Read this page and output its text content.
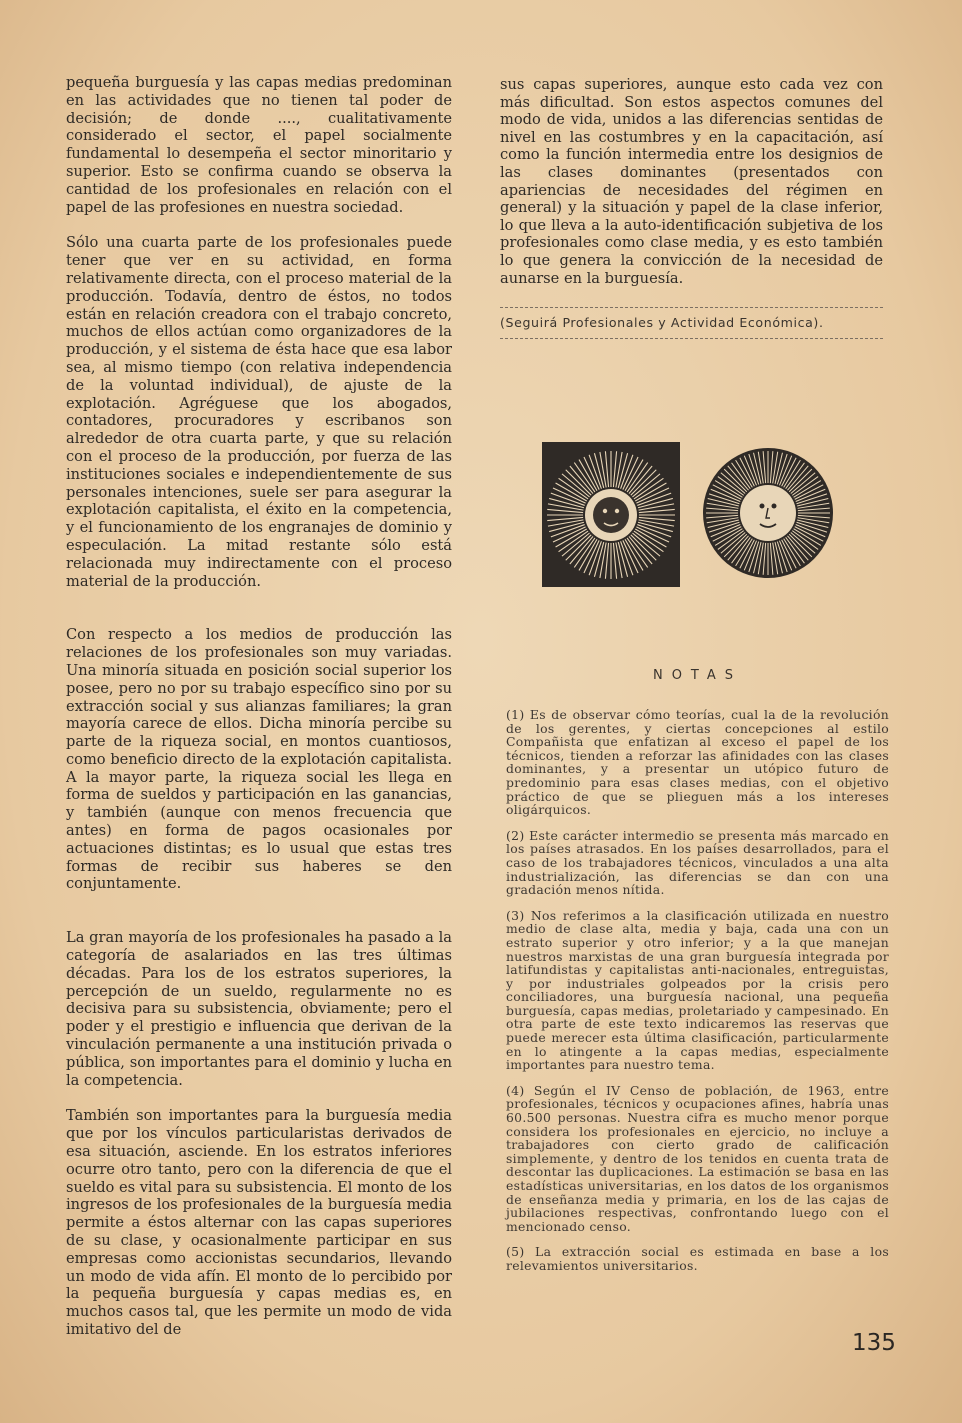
pequeña burguesía y las capas medias predominan en las actividades que no tienen tal poder de decisión; de donde ...., cualitativamente considerado el sector, el papel socialmente fundamental lo desempeña el sector minoritario y superior. Esto se confirma cuando se observa la cantidad de los profesionales en relación con el papel de las profesiones en nuestra sociedad.

Sólo una cuarta parte de los profesionales puede tener que ver en su actividad, en forma relativamente directa, con el proceso material de la producción. Todavía, dentro de éstos, no todos están en relación creadora con el trabajo concreto, muchos de ellos actúan como organizadores de la producción, y el sistema de ésta hace que esa labor sea, al mismo tiempo (con relativa independencia de la voluntad individual), de ajuste de la explotación. Agréguese que los abogados, contadores, procuradores y escribanos son alrededor de otra cuarta parte, y que su relación con el proceso de la producción, por fuerza de las instituciones sociales e independientemente de sus personales intenciones, suele ser para asegurar la explotación capitalista, el éxito en la competencia, y el funcionamiento de los engranajes de dominio y especulación. La mitad restante sólo está relacionada muy indirectamente con el proceso material de la producción.

Con respecto a los medios de producción las relaciones de los profesionales son muy variadas. Una minoría situada en posición social superior los posee, pero no por su trabajo específico sino por su extracción social y sus alianzas familiares; la gran mayoría carece de ellos. Dicha minoría percibe su parte de la riqueza social, en montos cuantiosos, como beneficio directo de la explotación capitalista. A la mayor parte, la riqueza social les llega en forma de sueldos y participación en las ganancias, y también (aunque con menos frecuencia que antes) en forma de pagos ocasionales por actuaciones distintas; es lo usual que estas tres formas de recibir sus haberes se den conjuntamente.

La gran mayoría de los profesionales ha pasado a la categoría de asalariados en las tres últimas décadas. Para los de los estratos superiores, la percepción de un sueldo, regularmente no es decisiva para su subsistencia, obviamente; pero el poder y el prestigio e influencia que derivan de la vinculación permanente a una institución privada o pública, son importantes para el dominio y lucha en la competencia.

También son importantes para la burguesía media que por los vínculos particularistas derivados de esa situación, asciende. En los estratos inferiores ocurre otro tanto, pero con la diferencia de que el sueldo es vital para su subsistencia. El monto de los ingresos de los profesionales de la burguesía media permite a éstos alternar con las capas superiores de su clase, y ocasionalmente participar en sus empresas como accionistas secundarios, llevando un modo de vida afín. El monto de lo percibido por la pequeña burguesía y capas medias es, en muchos casos tal, que les permite un modo de vida imitativo del de

sus capas superiores, aunque esto cada vez con más dificultad. Son estos aspectos comunes del modo de vida, unidos a las diferencias sentidas de nivel en las costumbres y en la capacitación, así como la función intermedia entre los designios de las clases dominantes (presentados con apariencias de necesidades del régimen en general) y la situación y papel de la clase inferior, lo que lleva a la auto-identificación subjetiva de los profesionales como clase media, y es esto también lo que genera la convicción de la necesidad de aunarse en la burguesía.

(Seguirá Profesionales y Actividad Económica).
NOTAS

(1) Es de observar cómo teorías, cual la de la revolución de los gerentes, y ciertas concepciones al estilo Compañista que enfatizan al exceso el papel de los técnicos, tienden a reforzar las afinidades con las clases dominantes, y a presentar un utópico futuro de predominio para esas clases medias, con el objetivo práctico de que se plieguen más a los intereses oligárquicos.

(2) Este carácter intermedio se presenta más marcado en los países atrasados. En los países desarrollados, para el caso de los trabajadores técnicos, vinculados a una alta industrialización, las diferencias se dan con una gradación menos nítida.

(3) Nos referimos a la clasificación utilizada en nuestro medio de clase alta, media y baja, cada una con un estrato superior y otro inferior; y a la que manejan nuestros marxistas de una gran burguesía integrada por latifundistas y capitalistas anti-nacionales, entreguistas, y por industriales golpeados por la crisis pero conciliadores, una burguesía nacional, una pequeña burguesía, capas medias, proletariado y campesinado. En otra parte de este texto indicaremos las reservas que puede merecer esta última clasificación, particularmente en lo atingente a la capas medias, especialmente importantes para nuestro tema.

(4) Según el IV Censo de población, de 1963, entre profesionales, técnicos y ocupaciones afines, habría unas 60.500 personas. Nuestra cifra es mucho menor porque considera los profesionales en ejercicio, no incluye a trabajadores con cierto grado de calificación simplemente, y dentro de los tenidos en cuenta trata de descontar las duplicaciones. La estimación se basa en las estadísticas universitarias, en los datos de los organismos de enseñanza media y primaria, en los de las cajas de jubilaciones respectivas, confrontando luego con el mencionado censo.

(5) La extracción social es estimada en base a los relevamientos universitarios.

135
